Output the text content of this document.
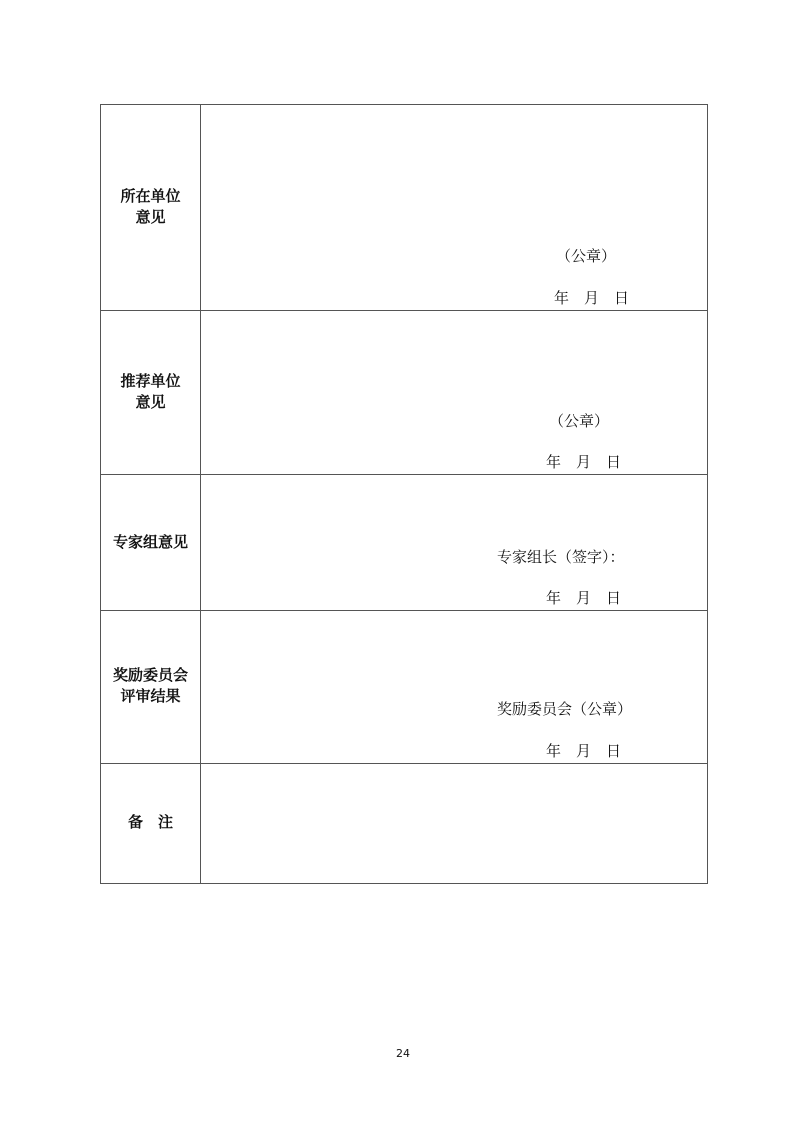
所在单位
意见
（公章）
年　月　日
推荐单位
意见
（公章）
年　月　日
专家组意见
专家组长（签字）：
年　月　日
奖励委员会
评审结果
奖励委员会（公章）
年　月　日
备　注
24
